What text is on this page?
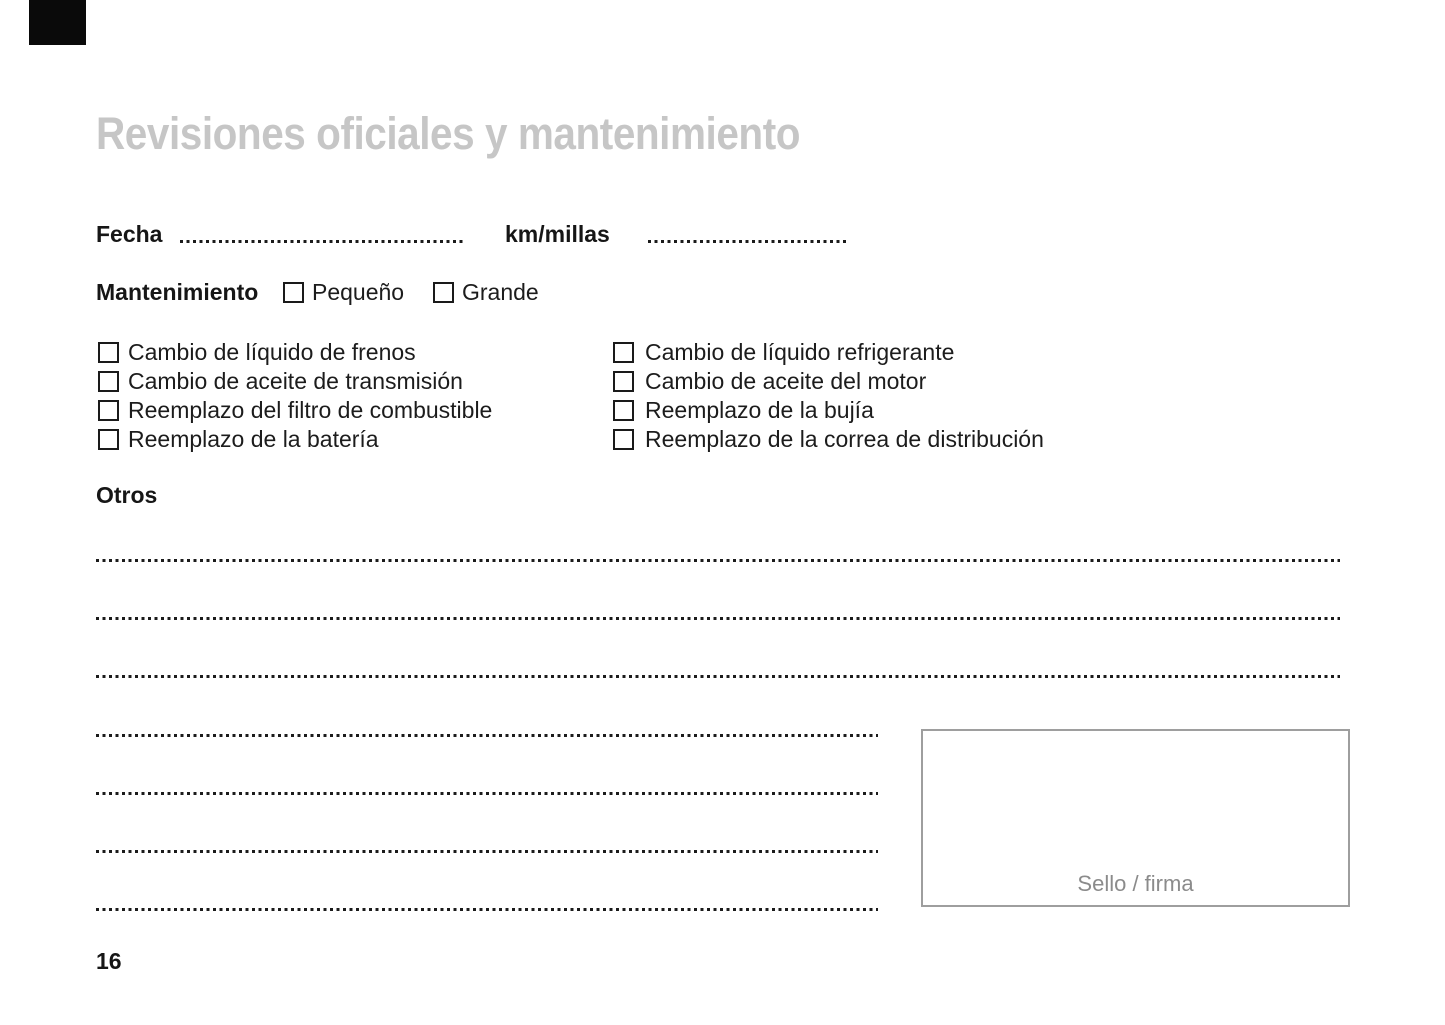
Revisiones oficiales y mantenimiento
Fecha	km/millas
Mantenimiento Pequeño	Grande
Cambio de líquido de frenos
Cambio de aceite de transmisión
Reemplazo del filtro de combustible
Reemplazo de la batería
Cambio de líquido refrigerante
Cambio de aceite del motor
Reemplazo de la bujía
Reemplazo de la correa de distribución
Otros
Sello / firma
16
